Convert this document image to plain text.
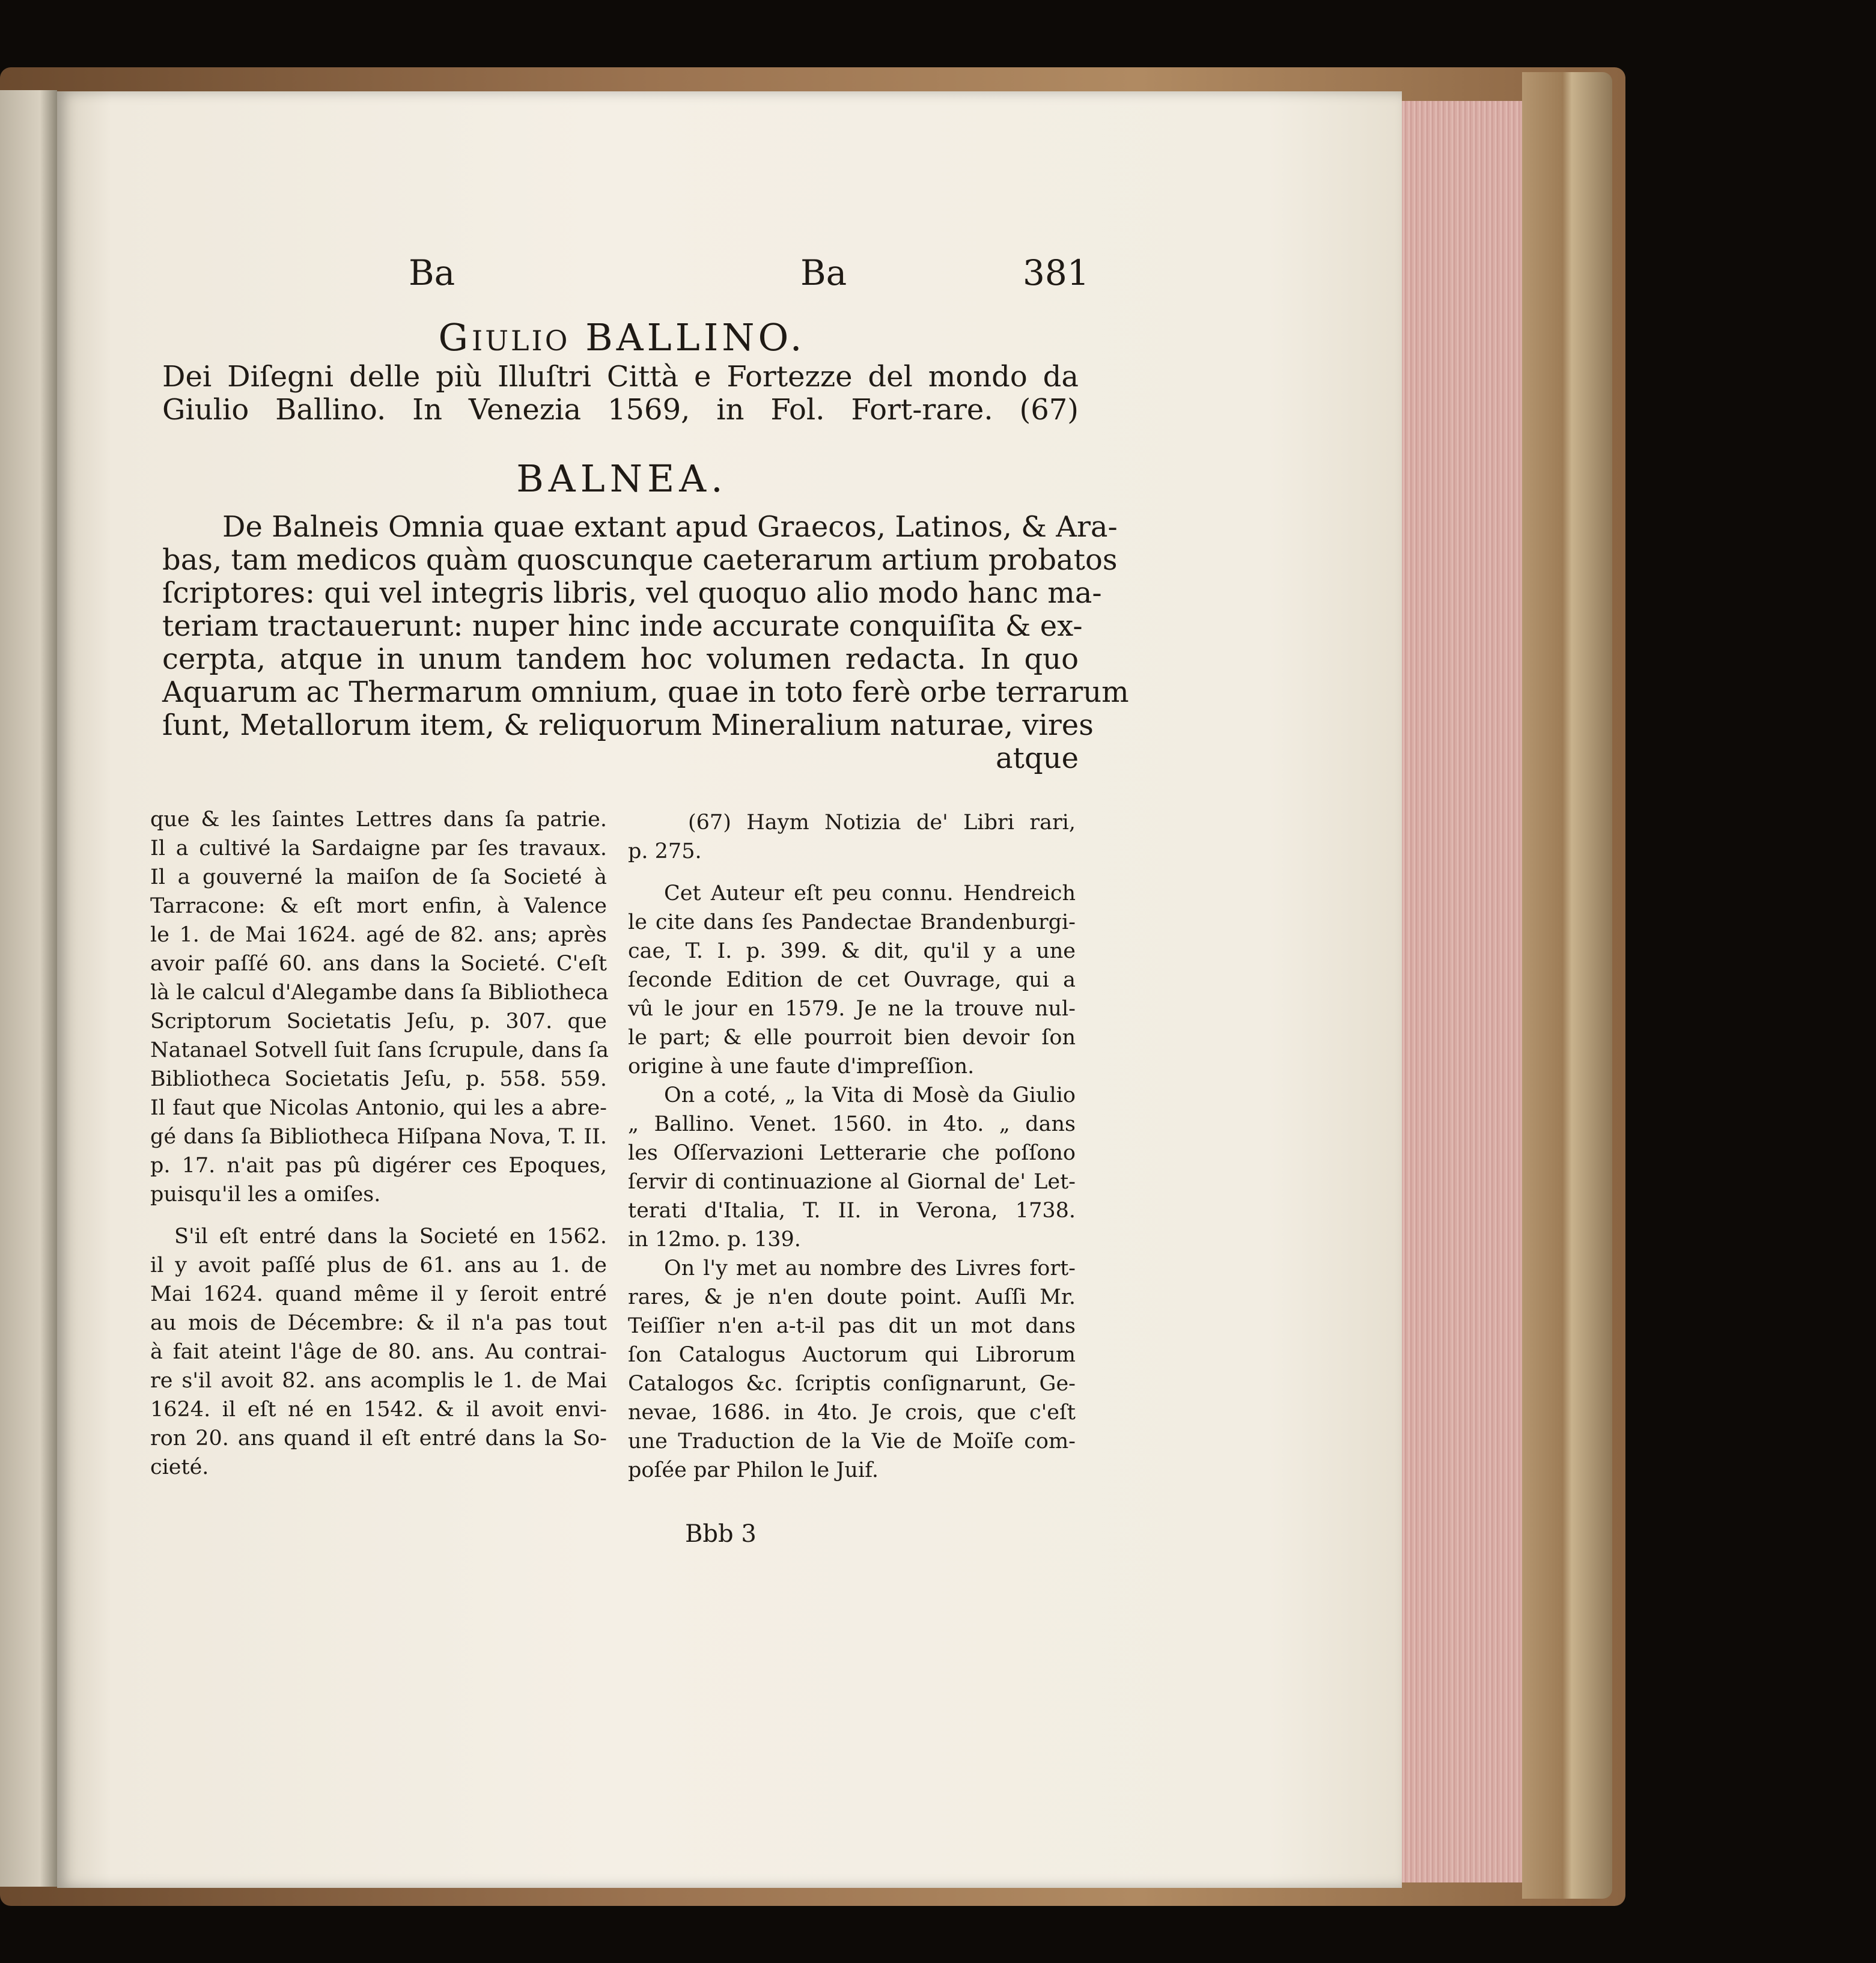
Ba	Ba	381
GIULIO BALLINO.
Dei Diſegni delle più Illuſtri Città e Fortezze del mondo da
Giulio Ballino. In Venezia 1569, in Fol. Fort-rare. (67)
BALNEA.
De Balneis Omnia quae extant apud Graecos, Latinos, & Ara-
bas, tam medicos quàm quoscunque caeterarum artium probatos
ſcriptores: qui vel integris libris, vel quoquo alio modo hanc ma-
teriam tractauerunt: nuper hinc inde accurate conquiſita & ex-
cerpta, atque in unum tandem hoc volumen redacta. In quo
Aquarum ac Thermarum omnium, quae in toto ferè orbe terrarum
ſunt, Metallorum item, & reliquorum Mineralium naturae, vires
atque
que & les ſaintes Lettres dans ſa patrie.
Il a cultivé la Sardaigne par ſes travaux.
Il a gouverné la maiſon de ſa Societé à
Tarracone: & eſt mort enfin, à Valence
le 1. de Mai 1624. agé de 82. ans; après
avoir paſſé 60. ans dans la Societé. C'eſt
là le calcul d'Alegambe dans ſa Bibliotheca
Scriptorum Societatis Jeſu, p. 307. que
Natanael Sotvell ſuit ſans ſcrupule, dans ſa
Bibliotheca Societatis Jeſu, p. 558. 559.
Il faut que Nicolas Antonio, qui les a abre-
gé dans ſa Bibliotheca Hiſpana Nova, T. II.
p. 17. n'ait pas pû digérer ces Epoques,
puisqu'il les a omiſes.
S'il eſt entré dans la Societé en 1562.
il y avoit paſſé plus de 61. ans au 1. de
Mai 1624. quand même il y ſeroit entré
au mois de Décembre: & il n'a pas tout
à fait ateint l'âge de 80. ans. Au contrai-
re s'il avoit 82. ans acomplis le 1. de Mai
1624. il eſt né en 1542. & il avoit envi-
ron 20. ans quand il eſt entré dans la So-
cieté.
(67) Haym Notizia de' Libri rari,
p. 275.
Cet Auteur eſt peu connu. Hendreich
le cite dans ſes Pandectae Brandenburgi-
cae, T. I. p. 399. & dit, qu'il y a une
ſeconde Edition de cet Ouvrage, qui a
vû le jour en 1579. Je ne la trouve nul-
le part; & elle pourroit bien devoir ſon
origine à une faute d'impreſſion.
On a coté, „ la Vita di Mosè da Giulio
„ Ballino. Venet. 1560. in 4to. „ dans
les Oſſervazioni Letterarie che poſſono
ſervir di continuazione al Giornal de' Let-
terati d'Italia, T. II. in Verona, 1738.
in 12mo. p. 139.
On l'y met au nombre des Livres fort-
rares, & je n'en doute point. Auſſi Mr.
Teiſſier n'en a-t-il pas dit un mot dans
ſon Catalogus Auctorum qui Librorum
Catalogos &c. ſcriptis conſignarunt, Ge-
nevae, 1686. in 4to. Je crois, que c'eſt
une Traduction de la Vie de Moïſe com-
poſée par Philon le Juif.
Bbb 3
